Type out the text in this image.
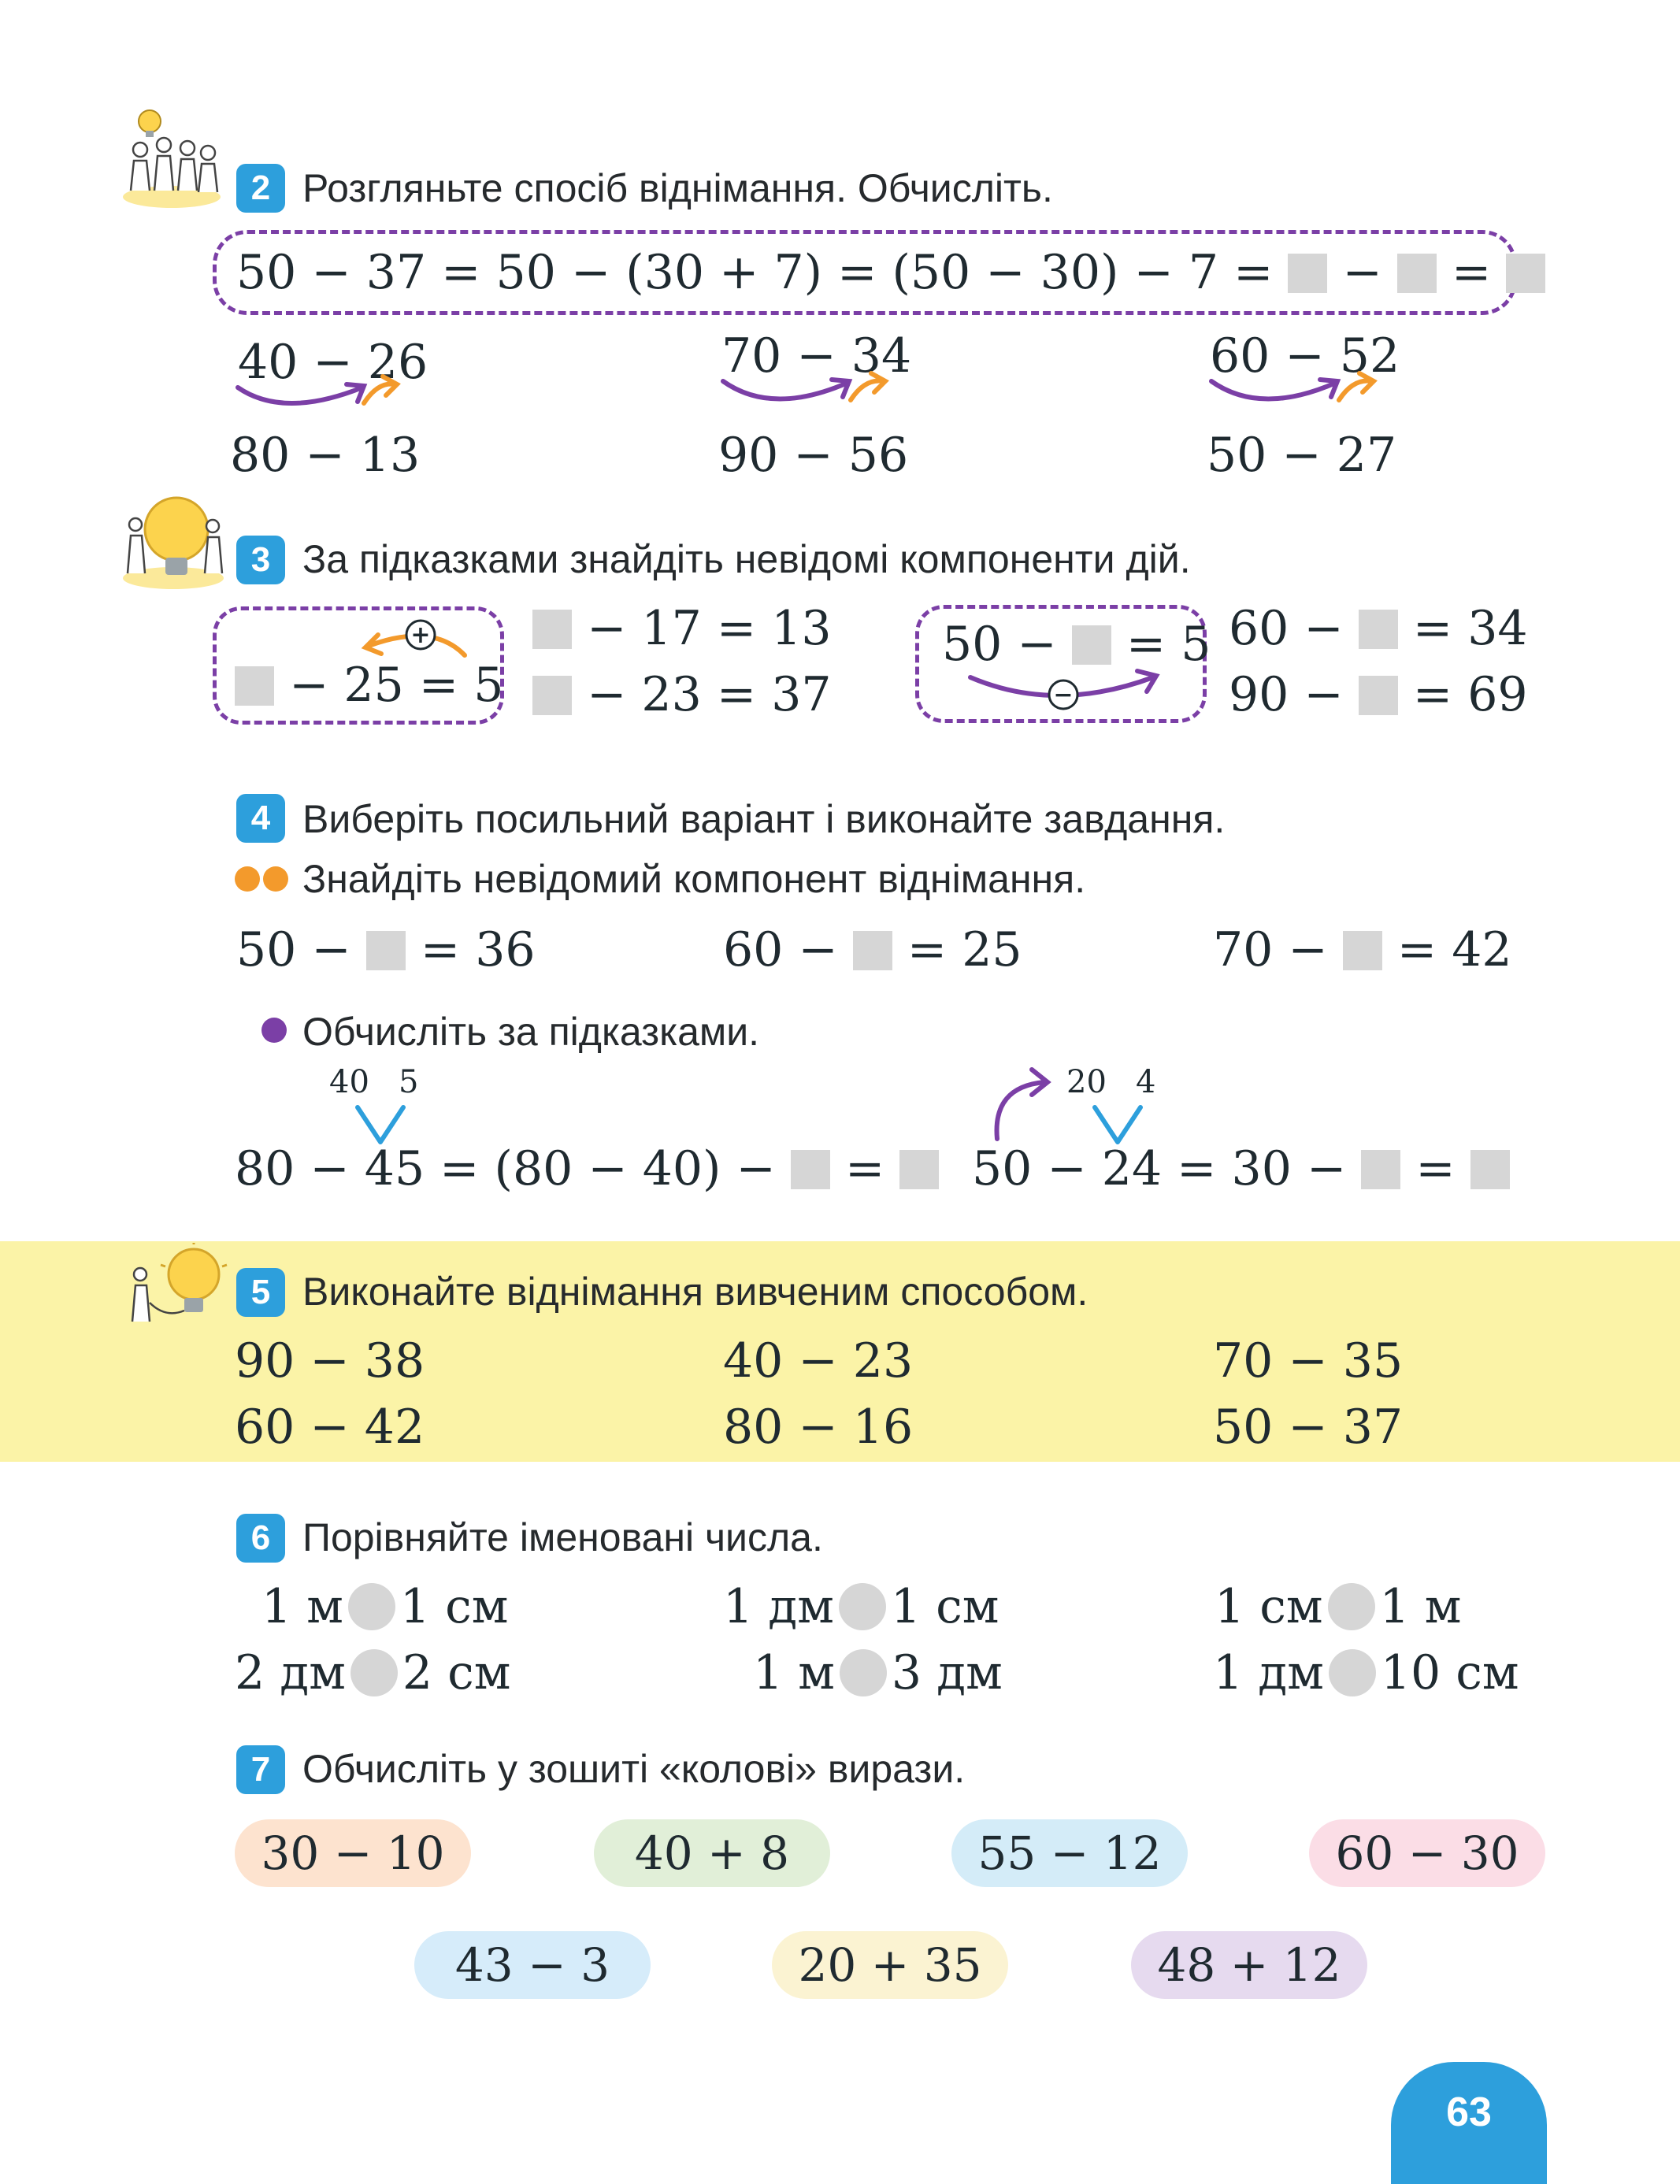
2 Розгляньте спосіб віднімання. Обчисліть.
50 − 37 = 50 − (30 + 7) = (50 − 30) − 7 = − =
40 − 26	70 − 34	60 − 52
80 − 13	90 − 56	50 − 27
3 За підказками знайдіть невідомі компоненти дій.
+
− 25 = 5
− 17 = 13
− 23 = 37
50 − = 5
−
60 − = 34
90 − = 69
4 Виберіть посильний варіант і виконайте завдання.
Знайдіть невідомий компонент віднімання.
50 − = 36	60 − = 25	70 − = 42
Обчисліть за підказками.
40 5
80 − 45 = (80 − 40) − =
20 4
50 − 24 = 30 − =
5 Виконайте віднімання вивченим способом.
90 − 38	40 − 23	70 − 35
60 − 42	80 − 16	50 − 37
6 Порівняйте іменовані числа.
1 м 1 см	1 дм 1 см	1 см 1 м
2 дм 2 см	1 м 3 дм	1 дм 10 см
7 Обчисліть у зошиті «колові» вирази.
30 − 10	40 + 8	55 − 12	60 − 30
43 − 3	20 + 35	48 + 12
63
